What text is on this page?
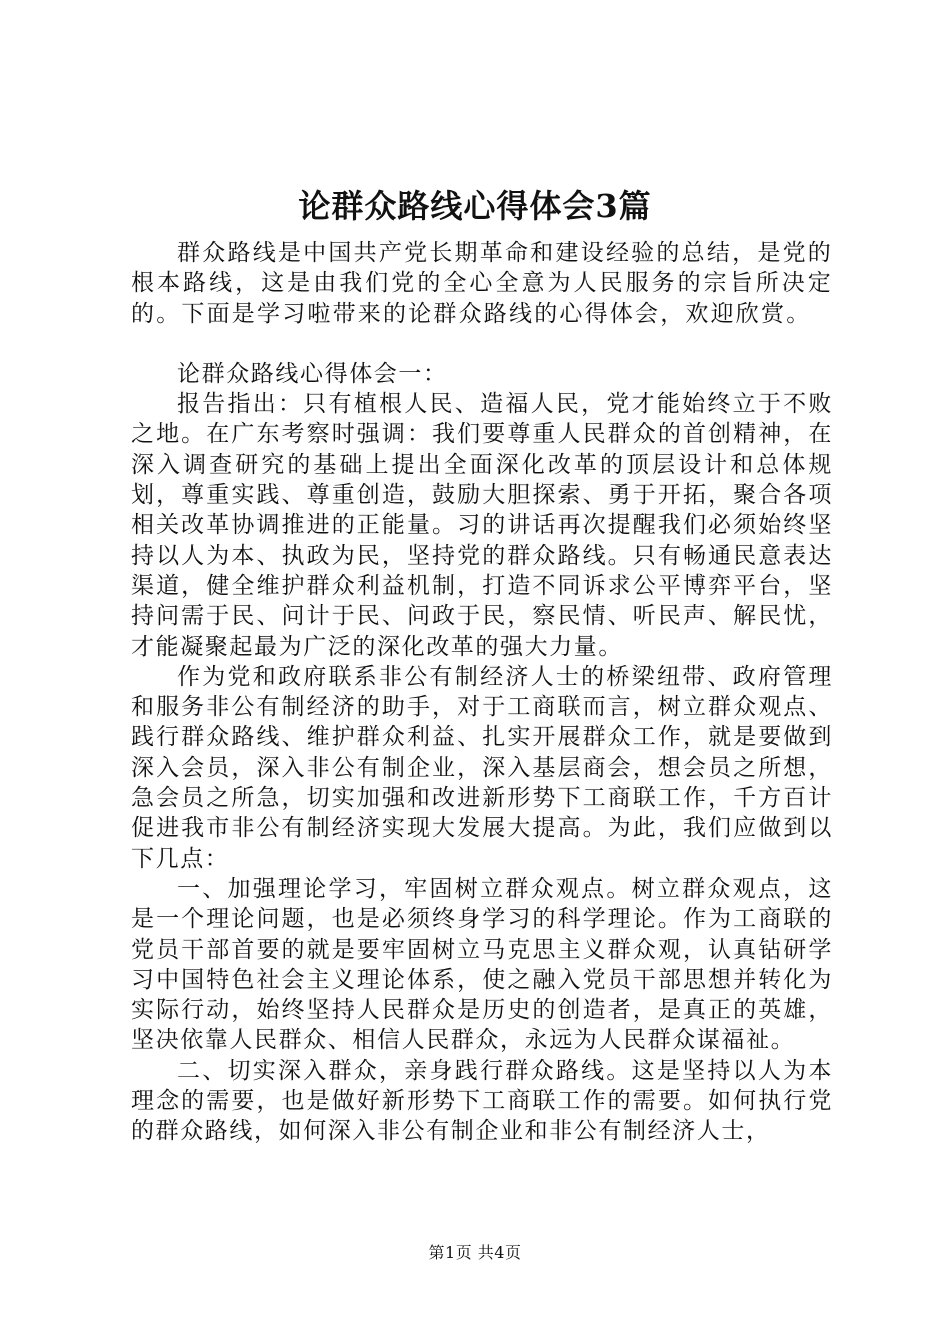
论群众路线心得体会3篇

群众路线是中国共产党长期革命和建设经验的总结，是党的根本路线，这是由我们党的全心全意为人民服务的宗旨所决定的。下面是学习啦带来的论群众路线的心得体会，欢迎欣赏。

论群众路线心得体会一：

报告指出：只有植根人民、造福人民，党才能始终立于不败之地。在广东考察时强调：我们要尊重人民群众的首创精神，在深入调查研究的基础上提出全面深化改革的顶层设计和总体规划，尊重实践、尊重创造，鼓励大胆探索、勇于开拓，聚合各项相关改革协调推进的正能量。习的讲话再次提醒我们必须始终坚持以人为本、执政为民，坚持党的群众路线。只有畅通民意表达渠道，健全维护群众利益机制，打造不同诉求公平博弈平台，坚持问需于民、问计于民、问政于民，察民情、听民声、解民忧，才能凝聚起最为广泛的深化改革的强大力量。

作为党和政府联系非公有制经济人士的桥梁纽带、政府管理和服务非公有制经济的助手，对于工商联而言，树立群众观点、践行群众路线、维护群众利益、扎实开展群众工作，就是要做到深入会员，深入非公有制企业，深入基层商会，想会员之所想，急会员之所急，切实加强和改进新形势下工商联工作，千方百计促进我市非公有制经济实现大发展大提高。为此，我们应做到以下几点：

一、加强理论学习，牢固树立群众观点。树立群众观点，这是一个理论问题，也是必须终身学习的科学理论。作为工商联的党员干部首要的就是要牢固树立马克思主义群众观，认真钻研学习中国特色社会主义理论体系，使之融入党员干部思想并转化为实际行动，始终坚持人民群众是历史的创造者，是真正的英雄，坚决依靠人民群众、相信人民群众，永远为人民群众谋福祉。

二、切实深入群众，亲身践行群众路线。这是坚持以人为本理念的需要，也是做好新形势下工商联工作的需要。如何执行党的群众路线，如何深入非公有制企业和非公有制经济人士，

第1页 共4页
